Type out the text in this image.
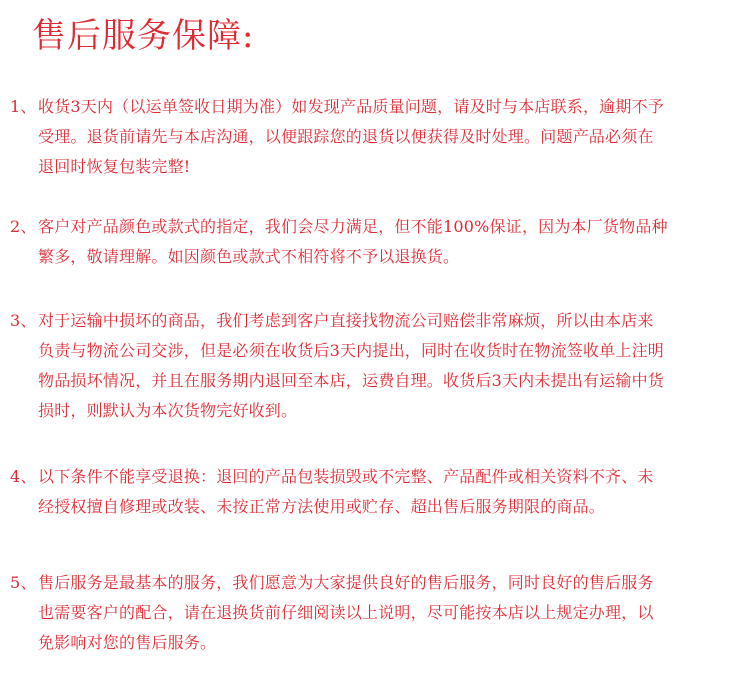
售后服务保障:
1、 收货3天内（以运单签收日期为准）如发现产品质量问题，请及时与本店联系，逾期不予
受理。退货前请先与本店沟通，以便跟踪您的退货以便获得及时处理。问题产品必须在
退回时恢复包装完整!
2、 客户对产品颜色或款式的指定，我们会尽力满足，但不能100%保证，因为本厂货物品种
繁多，敬请理解。如因颜色或款式不相符将不予以退换货。
3、 对于运输中损坏的商品，我们考虑到客户直接找物流公司赔偿非常麻烦，所以由本店来
负责与物流公司交涉，但是必须在收货后3天内提出，同时在收货时在物流签收单上注明
物品损坏情况，并且在服务期内退回至本店，运费自理。收货后3天内未提出有运输中货
损时，则默认为本次货物完好收到。
4、 以下条件不能享受退换：退回的产品包装损毁或不完整、产品配件或相关资料不齐、未
经授权擅自修理或改装、未按正常方法使用或贮存、超出售后服务期限的商品。
5、 售后服务是最基本的服务，我们愿意为大家提供良好的售后服务，同时良好的售后服务
也需要客户的配合，请在退换货前仔细阅读以上说明，尽可能按本店以上规定办理，以
免影响对您的售后服务。
